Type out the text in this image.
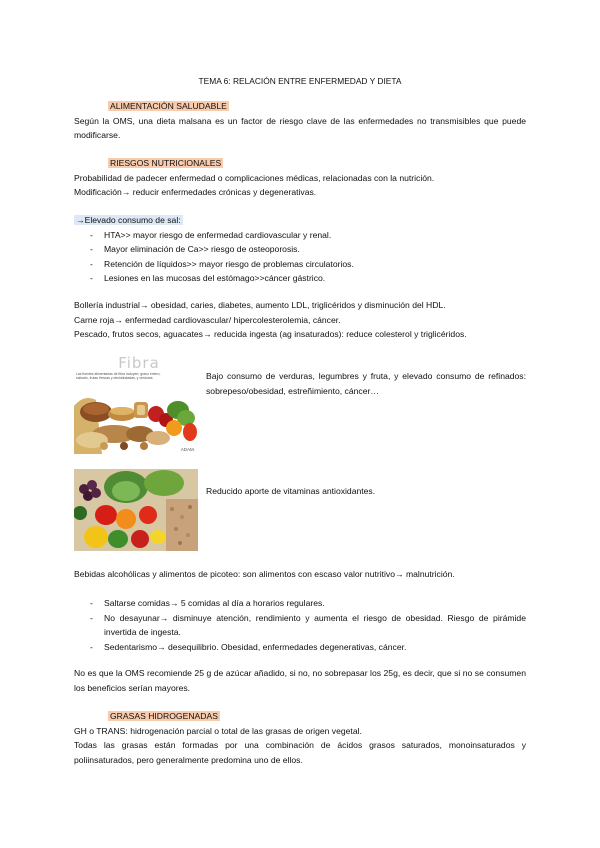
TEMA 6: RELACIÓN ENTRE ENFERMEDAD Y DIETA
ALIMENTACIÓN SALUDABLE
Según la OMS, una dieta malsana es un factor de riesgo clave de las enfermedades no transmisibles que puede modificarse.
RIESGOS NUTRICIONALES
Probabilidad de padecer enfermedad o complicaciones médicas, relacionadas con la nutrición.
Modificación→ reducir enfermedades crónicas y degenerativas.
→Elevado consumo de sal:
- HTA>> mayor riesgo de enfermedad cardiovascular y renal.
- Mayor eliminación de Ca>> riesgo de osteoporosis.
- Retención de líquidos>> mayor riesgo de problemas circulatorios.
- Lesiones en las mucosas del estómago>>cáncer gástrico.
Bollería industrial→ obesidad, caries, diabetes, aumento LDL, triglicéridos y disminución del HDL.
Carne roja→ enfermedad cardiovascular/ hipercolesterolemia, cáncer.
Pescado, frutos secos, aguacates→ reducida ingesta (ag insaturados): reduce colesterol y triglicéridos.
Fibra
Las fuentes alimentarias de fibra incluyen: grano entero, salvado, frutas frescas y deshidratadas, y verduras
ADAM.
Bajo consumo de verduras, legumbres y fruta, y elevado consumo de refinados: sobrepeso/obesidad, estreñimiento, cáncer…
Reducido aporte de vitaminas antioxidantes.
Bebidas alcohólicas y alimentos de picoteo: son alimentos con escaso valor nutritivo→ malnutrición.
- Saltarse comidas→ 5 comidas al día a horarios regulares.
- No desayunar→ disminuye atención, rendimiento y aumenta el riesgo de obesidad. Riesgo de pirámide invertida de ingesta.
- Sedentarismo→ desequilibrio. Obesidad, enfermedades degenerativas, cáncer.
No es que la OMS recomiende 25 g de azúcar añadido, si no, no sobrepasar los 25g, es decir, que si no se consumen los beneficios serían mayores.
GRASAS HIDROGENADAS
GH o TRANS: hidrogenación parcial o total de las grasas de origen vegetal.
Todas las grasas están formadas por una combinación de ácidos grasos saturados, monoinsaturados y poliinsaturados, pero generalmente predomina uno de ellos.
